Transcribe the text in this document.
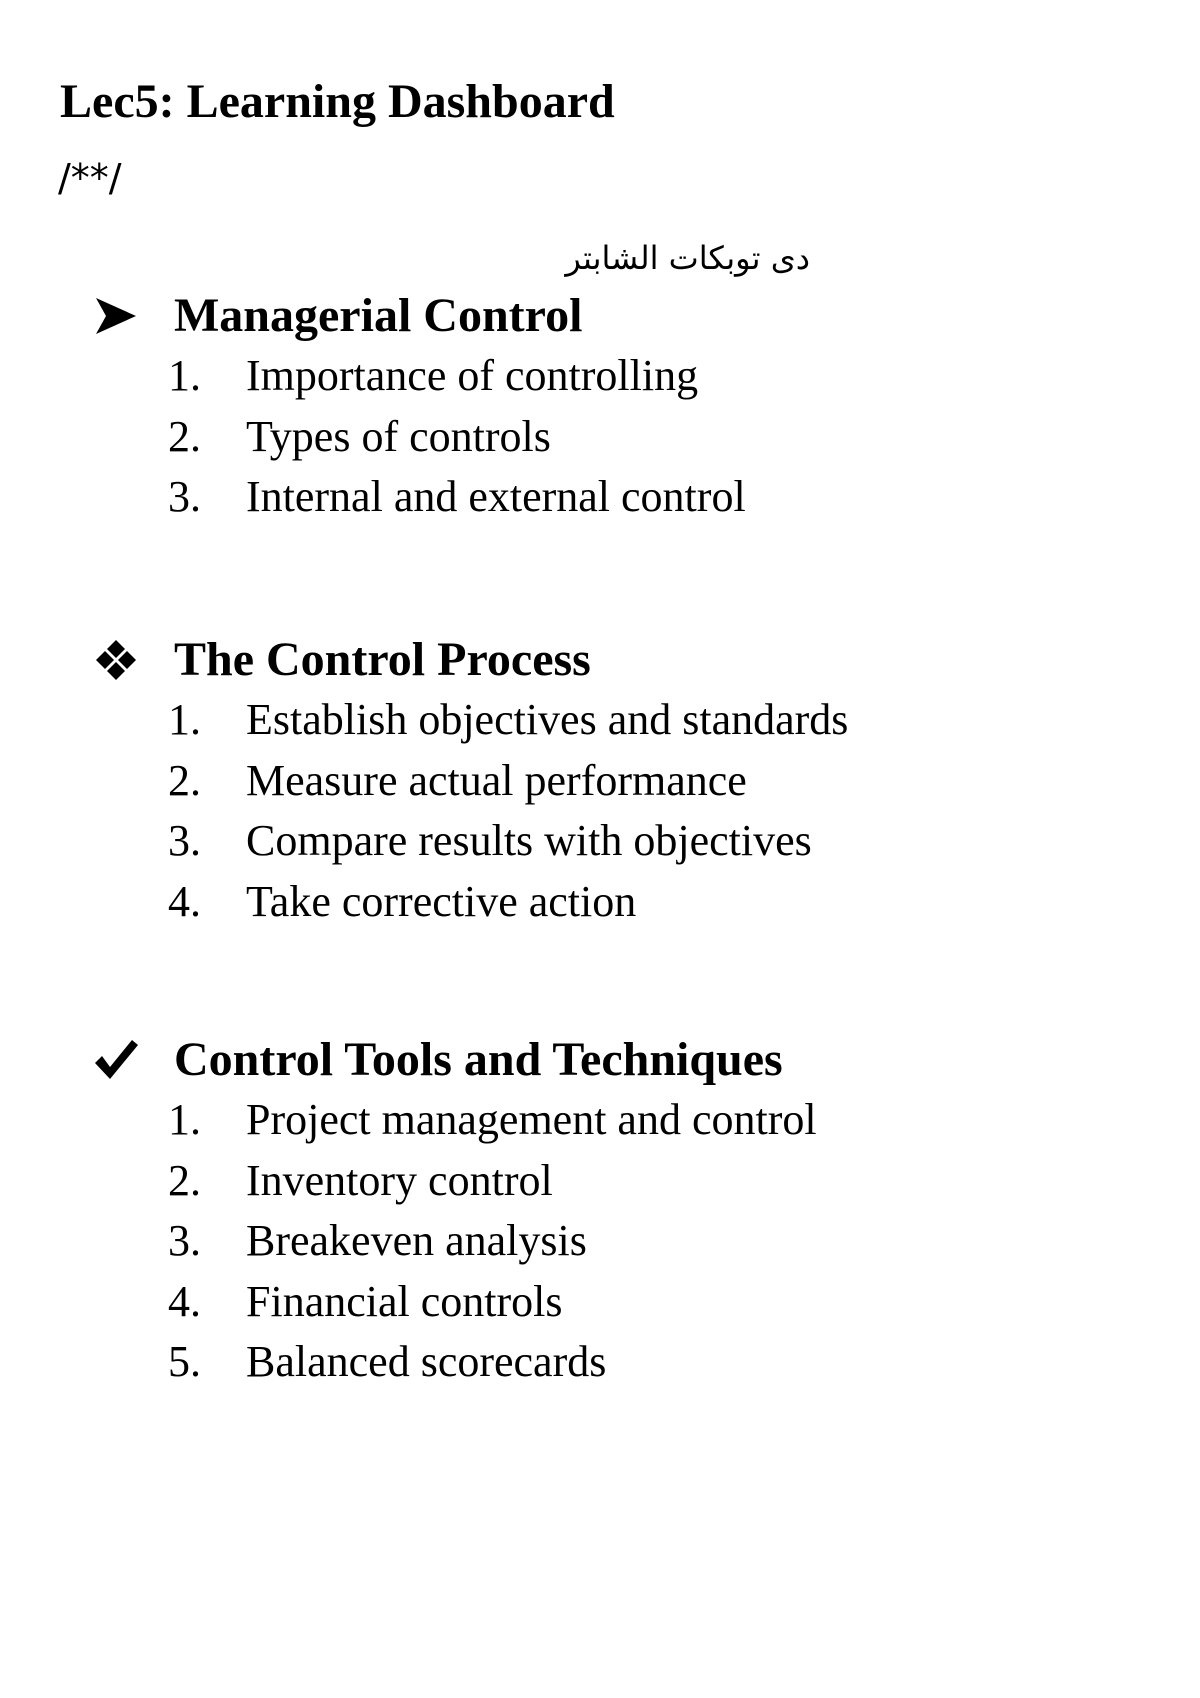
Lec5: Learning Dashboard
/**/
دى توبكات الشابتر
Managerial Control
1. Importance of controlling
2. Types of controls
3. Internal and external control
The Control Process
1. Establish objectives and standards
2. Measure actual performance
3. Compare results with objectives
4. Take corrective action
Control Tools and Techniques
1. Project management and control
2. Inventory control
3. Breakeven analysis
4. Financial controls
5. Balanced scorecards
